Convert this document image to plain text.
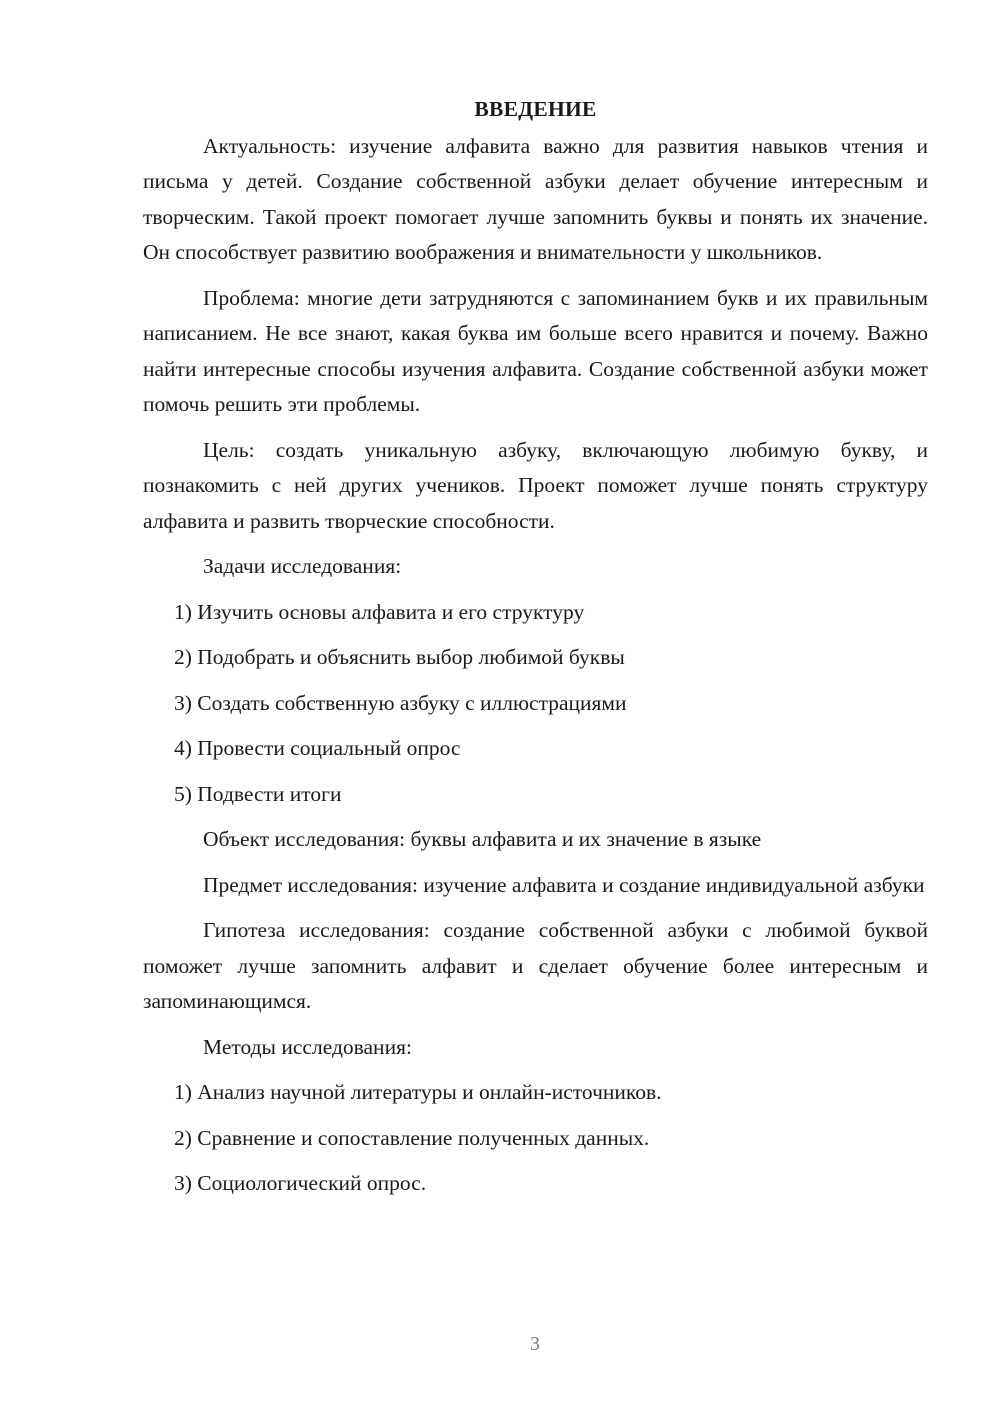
ВВЕДЕНИЕ

Актуальность: изучение алфавита важно для развития навыков чтения и письма у детей. Создание собственной азбуки делает обучение интересным и творческим. Такой проект помогает лучше запомнить буквы и понять их значение. Он способствует развитию воображения и внимательности у школьников.

Проблема: многие дети затрудняются с запоминанием букв и их правильным написанием. Не все знают, какая буква им больше всего нравится и почему. Важно найти интересные способы изучения алфавита. Создание собственной азбуки может помочь решить эти проблемы.

Цель: создать уникальную азбуку, включающую любимую букву, и познакомить с ней других учеников. Проект поможет лучше понять структуру алфавита и развить творческие способности.

Задачи исследования:

1) Изучить основы алфавита и его структуру
2) Подобрать и объяснить выбор любимой буквы
3) Создать собственную азбуку с иллюстрациями
4) Провести социальный опрос
5) Подвести итоги

Объект исследования: буквы алфавита и их значение в языке

Предмет исследования: изучение алфавита и создание индивидуальной азбуки

Гипотеза исследования: создание собственной азбуки с любимой буквой поможет лучше запомнить алфавит и сделает обучение более интересным и запоминающимся.

Методы исследования:

1) Анализ научной литературы и онлайн-источников.
2) Сравнение и сопоставление полученных данных.
3) Социологический опрос.
3
